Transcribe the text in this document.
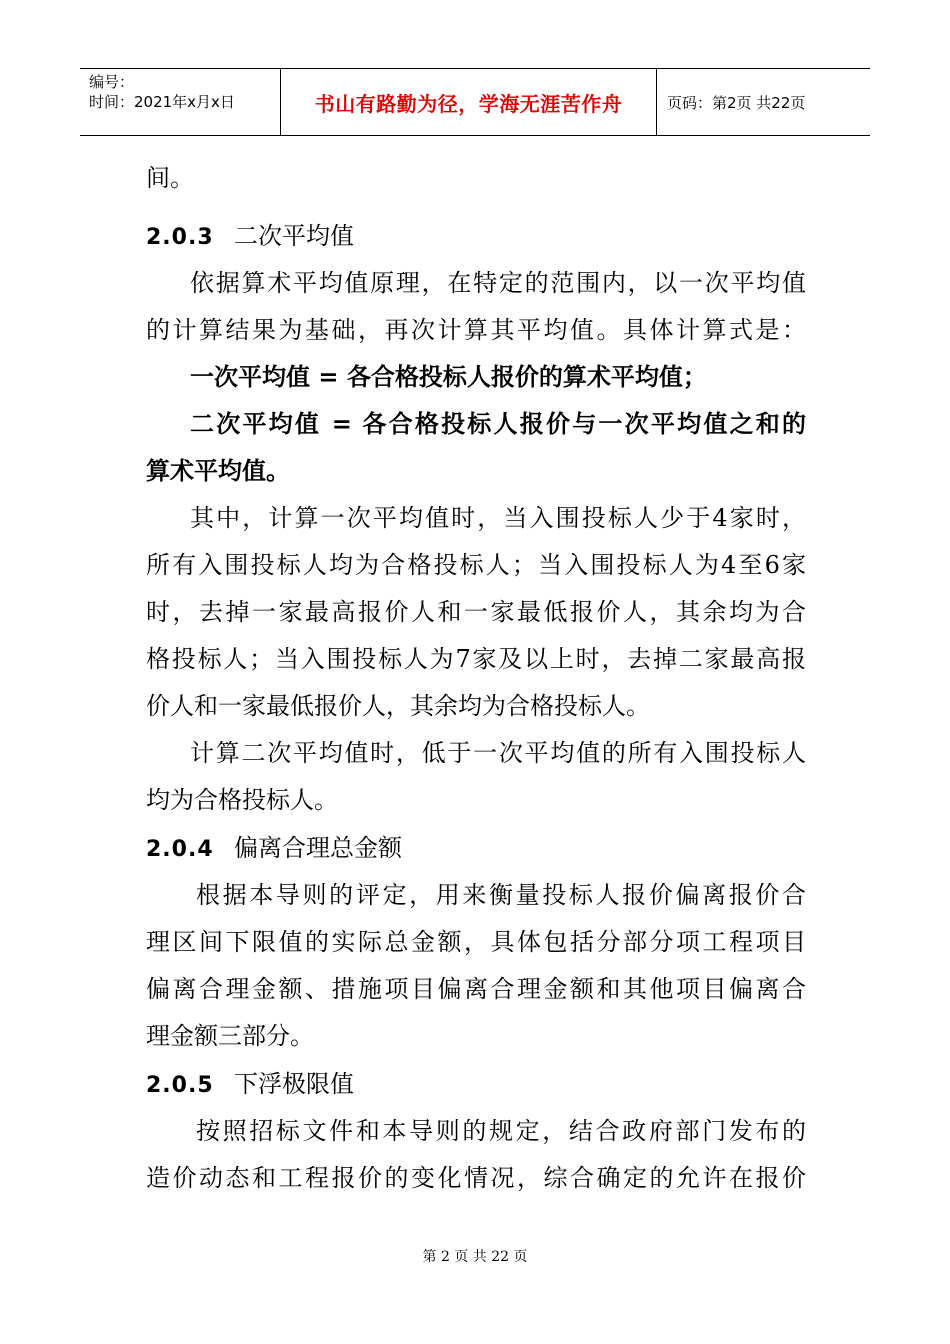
编号：
时间：2021年x月x日	书山有路勤为径，学海无涯苦作舟	页码：第2页 共22页
间。
2.0.3 二次平均值
依据算术平均值原理，在特定的范围内，以一次平均值
的计算结果为基础，再次计算其平均值。具体计算式是：
一次平均值 = 各合格投标人报价的算术平均值；
二次平均值 = 各合格投标人报价与一次平均值之和的
算术平均值。
其中，计算一次平均值时，当入围投标人少于4家时，
所有入围投标人均为合格投标人；当入围投标人为4至6家
时，去掉一家最高报价人和一家最低报价人，其余均为合
格投标人；当入围投标人为7家及以上时，去掉二家最高报
价人和一家最低报价人，其余均为合格投标人。
计算二次平均值时，低于一次平均值的所有入围投标人
均为合格投标人。
2.0.4 偏离合理总金额
根据本导则的评定，用来衡量投标人报价偏离报价合
理区间下限值的实际总金额，具体包括分部分项工程项目
偏离合理金额、措施项目偏离合理金额和其他项目偏离合
理金额三部分。
2.0.5 下浮极限值
按照招标文件和本导则的规定，结合政府部门发布的
造价动态和工程报价的变化情况，综合确定的允许在报价
第 2 页 共 22 页
